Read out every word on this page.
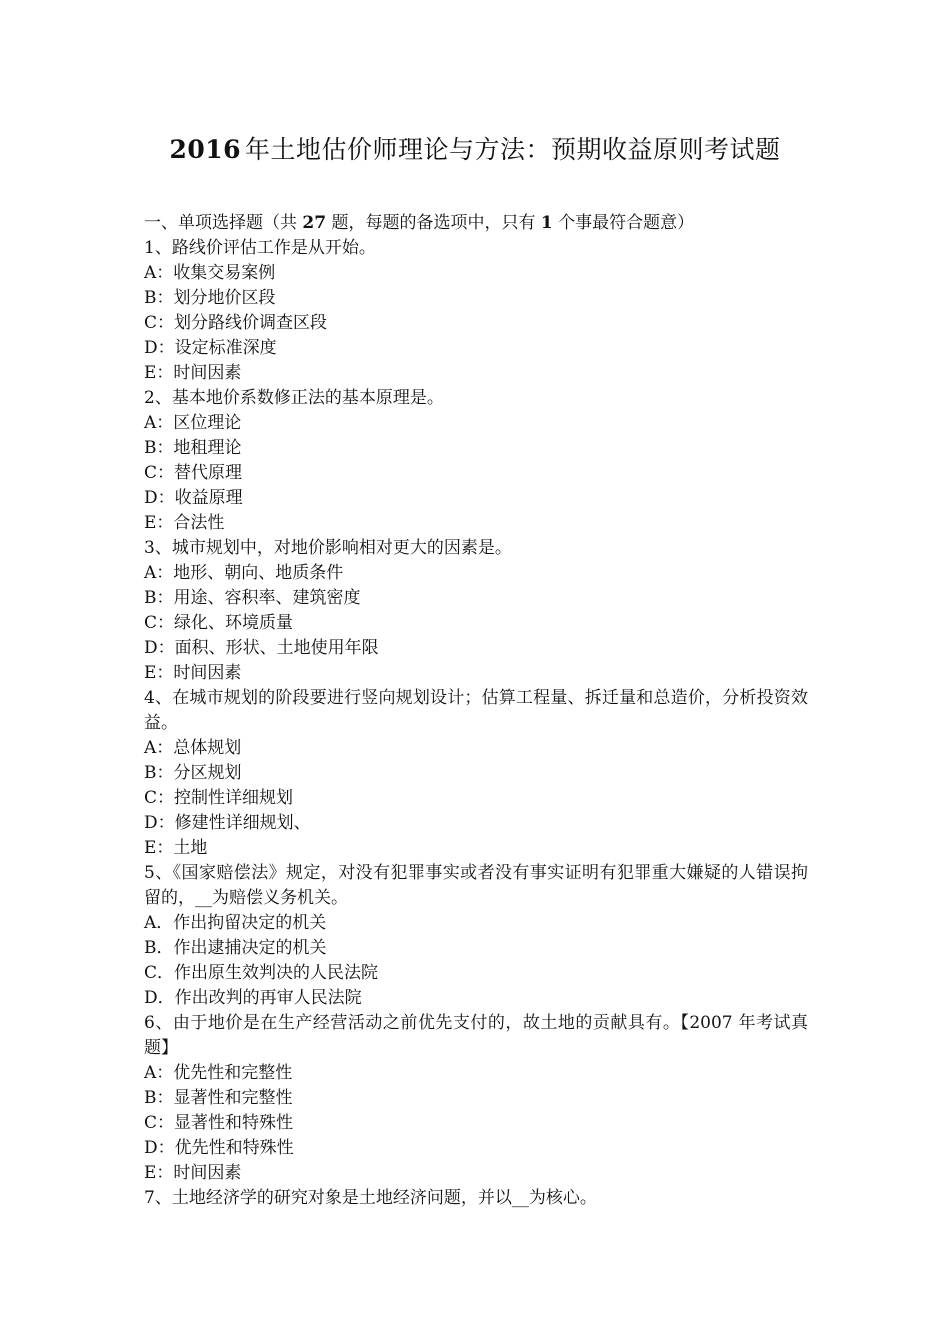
2016 年土地估价师理论与方法：预期收益原则考试题
一、单项选择题（共 27 题，每题的备选项中，只有 1 个事最符合题意）
1、路线价评估工作是从开始。
A：收集交易案例
B：划分地价区段
C：划分路线价调查区段
D：设定标准深度
E：时间因素
2、基本地价系数修正法的基本原理是。
A：区位理论
B：地租理论
C：替代原理
D：收益原理
E：合法性
3、城市规划中，对地价影响相对更大的因素是。
A：地形、朝向、地质条件
B：用途、容积率、建筑密度
C：绿化、环境质量
D：面积、形状、土地使用年限
E：时间因素
4、在城市规划的阶段要进行竖向规划设计；估算工程量、拆迁量和总造价，分析投资效益。
A：总体规划
B：分区规划
C：控制性详细规划
D：修建性详细规划、
E：土地
5、《国家赔偿法》规定，对没有犯罪事实或者没有事实证明有犯罪重大嫌疑的人错误拘留的，__为赔偿义务机关。
A．作出拘留决定的机关
B．作出逮捕决定的机关
C．作出原生效判决的人民法院
D．作出改判的再审人民法院
6、由于地价是在生产经营活动之前优先支付的，故土地的贡献具有。【2007 年考试真题】
A：优先性和完整性
B：显著性和完整性
C：显著性和特殊性
D：优先性和特殊性
E：时间因素
7、土地经济学的研究对象是土地经济问题，并以__为核心。
